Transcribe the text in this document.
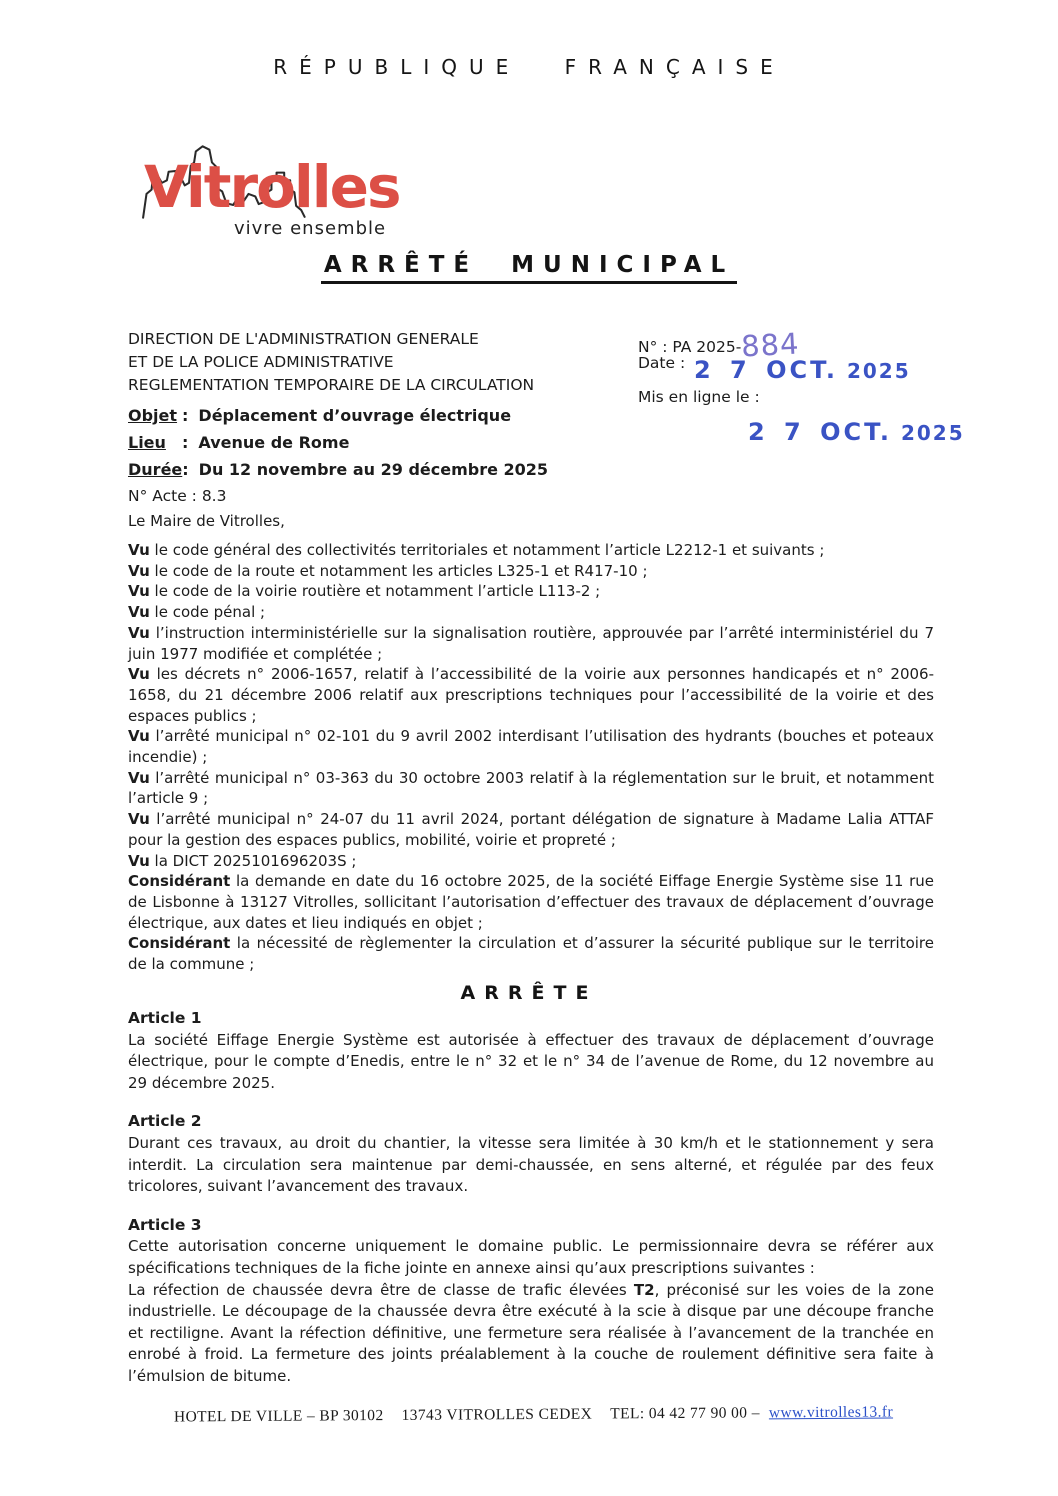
RÉPUBLIQUE FRANÇAISE
Vitrolles
vivre ensemble
ARRÊTÉ MUNICIPAL
DIRECTION DE L'ADMINISTRATION GENERALE
ET DE LA POLICE ADMINISTRATIVE
REGLEMENTATION TEMPORAIRE DE LA CIRCULATION
N° : PA 2025-884
Date : 2 7 OCT. 2025
Mis en ligne le :
2 7 OCT. 2025
Objet : Déplacement d’ouvrage électrique
Lieu : Avenue de Rome
Durée: Du 12 novembre au 29 décembre 2025
N° Acte : 8.3
Le Maire de Vitrolles,

Vu le code général des collectivités territoriales et notamment l’article L2212-1 et suivants ;

Vu le code de la route et notamment les articles L325-1 et R417-10 ;

Vu le code de la voirie routière et notamment l’article L113-2 ;

Vu le code pénal ;

Vu l’instruction interministérielle sur la signalisation routière, approuvée par l’arrêté interministériel du 7 juin 1977 modifiée et complétée ;

Vu les décrets n° 2006-1657, relatif à l’accessibilité de la voirie aux personnes handicapés et n° 2006-1658, du 21 décembre 2006 relatif aux prescriptions techniques pour l’accessibilité de la voirie et des espaces publics ;

Vu l’arrêté municipal n° 02-101 du 9 avril 2002 interdisant l’utilisation des hydrants (bouches et poteaux incendie) ;

Vu l’arrêté municipal n° 03-363 du 30 octobre 2003 relatif à la réglementation sur le bruit, et notamment l’article 9 ;

Vu l’arrêté municipal n° 24-07 du 11 avril 2024, portant délégation de signature à Madame Lalia ATTAF pour la gestion des espaces publics, mobilité, voirie et propreté ;

Vu la DICT 2025101696203S ;

Considérant la demande en date du 16 octobre 2025, de la société Eiffage Energie Système sise 11 rue de Lisbonne à 13127 Vitrolles, sollicitant l’autorisation d’effectuer des travaux de déplacement d’ouvrage électrique, aux dates et lieu indiqués en objet ;

Considérant la nécessité de règlementer la circulation et d’assurer la sécurité publique sur le territoire de la commune ;

ARRÊTE
Article 1

La société Eiffage Energie Système est autorisée à effectuer des travaux de déplacement d’ouvrage électrique, pour le compte d’Enedis, entre le n° 32 et le n° 34 de l’avenue de Rome, du 12 novembre au 29 décembre 2025.

Article 2

Durant ces travaux, au droit du chantier, la vitesse sera limitée à 30 km/h et le stationnement y sera interdit. La circulation sera maintenue par demi-chaussée, en sens alterné, et régulée par des feux tricolores, suivant l’avancement des travaux.

Article 3

Cette autorisation concerne uniquement le domaine public. Le permissionnaire devra se référer aux spécifications techniques de la fiche jointe en annexe ainsi qu’aux prescriptions suivantes :
La réfection de chaussée devra être de classe de trafic élevées T2, préconisé sur les voies de la zone industrielle. Le découpage de la chaussée devra être exécuté à la scie à disque par une découpe franche et rectiligne. Avant la réfection définitive, une fermeture sera réalisée à l’avancement de la tranchée en enrobé à froid. La fermeture des joints préalablement à la couche de roulement définitive sera faite à l’émulsion de bitume.

HOTEL DE VILLE – BP 30102 13743 VITROLLES CEDEX TEL: 04 42 77 90 00 – www.vitrolles13.fr
